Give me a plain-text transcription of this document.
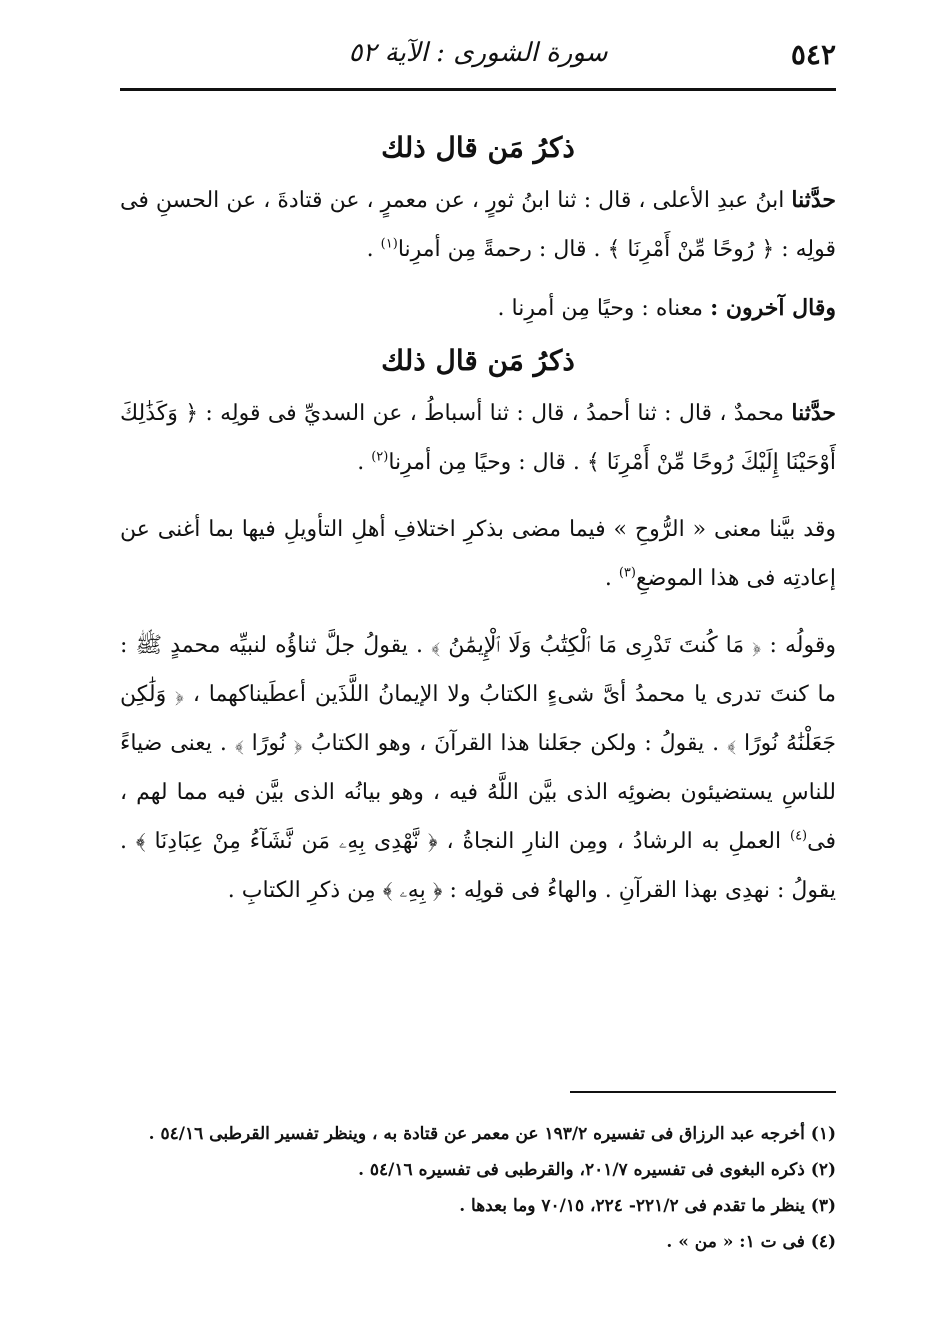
٥٤٢
سورة الشورى : الآية ٥٢

ذكرُ مَن قال ذلك

حدَّثنا ابنُ عبدِ الأعلى ، قال : ثنا ابنُ ثورٍ ، عن معمرٍ ، عن قتادةَ ، عن الحسنِ فى قولِه : ﴿ رُوحًا مِّنْ أَمْرِنَا ﴾ . قال : رحمةً مِن أمرِنا$^{(١)}$ .

وقال آخرون : معناه : وحيًا مِن أمرِنا .

ذكرُ مَن قال ذلك

حدَّثنا محمدٌ ، قال : ثنا أحمدُ ، قال : ثنا أسباطُ ، عن السديِّ فى قولِه : ﴿ وَكَذَٰلِكَ أَوْحَيْنَا إِلَيْكَ رُوحًا مِّنْ أَمْرِنَا ﴾ . قال : وحيًا مِن أمرِنا$^{(٢)}$ .

وقد بيَّنا معنى « الرُّوحِ » فيما مضى بذكرِ اختلافِ أهلِ التأويلِ فيها بما أغنى عن إعادتِه فى هذا الموضعِ$^{(٣)}$ .

وقولُه : ﴿ مَا كُنتَ تَدْرِى مَا ٱلْكِتَٰبُ وَلَا ٱلْإِيمَٰنُ ﴾ . يقولُ جلَّ ثناؤُه لنبيِّه محمدٍ ﷺ : ما كنتَ تدرى يا محمدُ أىَّ شىءٍ الكتابُ ولا الإيمانُ اللَّذَين أعطَيناكهما ، ﴿ وَلَٰكِن جَعَلْنَٰهُ نُورًا ﴾ . يقولُ : ولكن جعَلنا هذا القرآنَ ، وهو الكتابُ ﴿ نُورًا ﴾ . يعنى ضياءً للناسِ يستضيئون بضوئِه الذى بيَّن اللَّهُ فيه ، وهو بيانُه الذى بيَّن فيه مما لهم ، فى$^{(٤)}$ العملِ به الرشادُ ، ومِن النارِ النجاةُ ، ﴿ نَّهْدِى بِهِۦ مَن نَّشَآءُ مِنْ عِبَادِنَا ﴾ . يقولُ : نهدِى بهذا القرآنِ . والهاءُ فى قولِه : ﴿ بِهِۦ ﴾ مِن ذكرِ الكتابِ .

(١) أخرجه عبد الرزاق فى تفسيره ١٩٣/٢ عن معمر عن قتادة به ، وينظر تفسير القرطبى ٥٤/١٦ .

(٢) ذكره البغوى فى تفسيره ٢٠١/٧، والقرطبى فى تفسيره ٥٤/١٦ .

(٣) ينظر ما تقدم فى ٢٢١/٢- ٢٢٤، ٧٠/١٥ وما بعدها .

(٤) فى ت ١: « من » .
